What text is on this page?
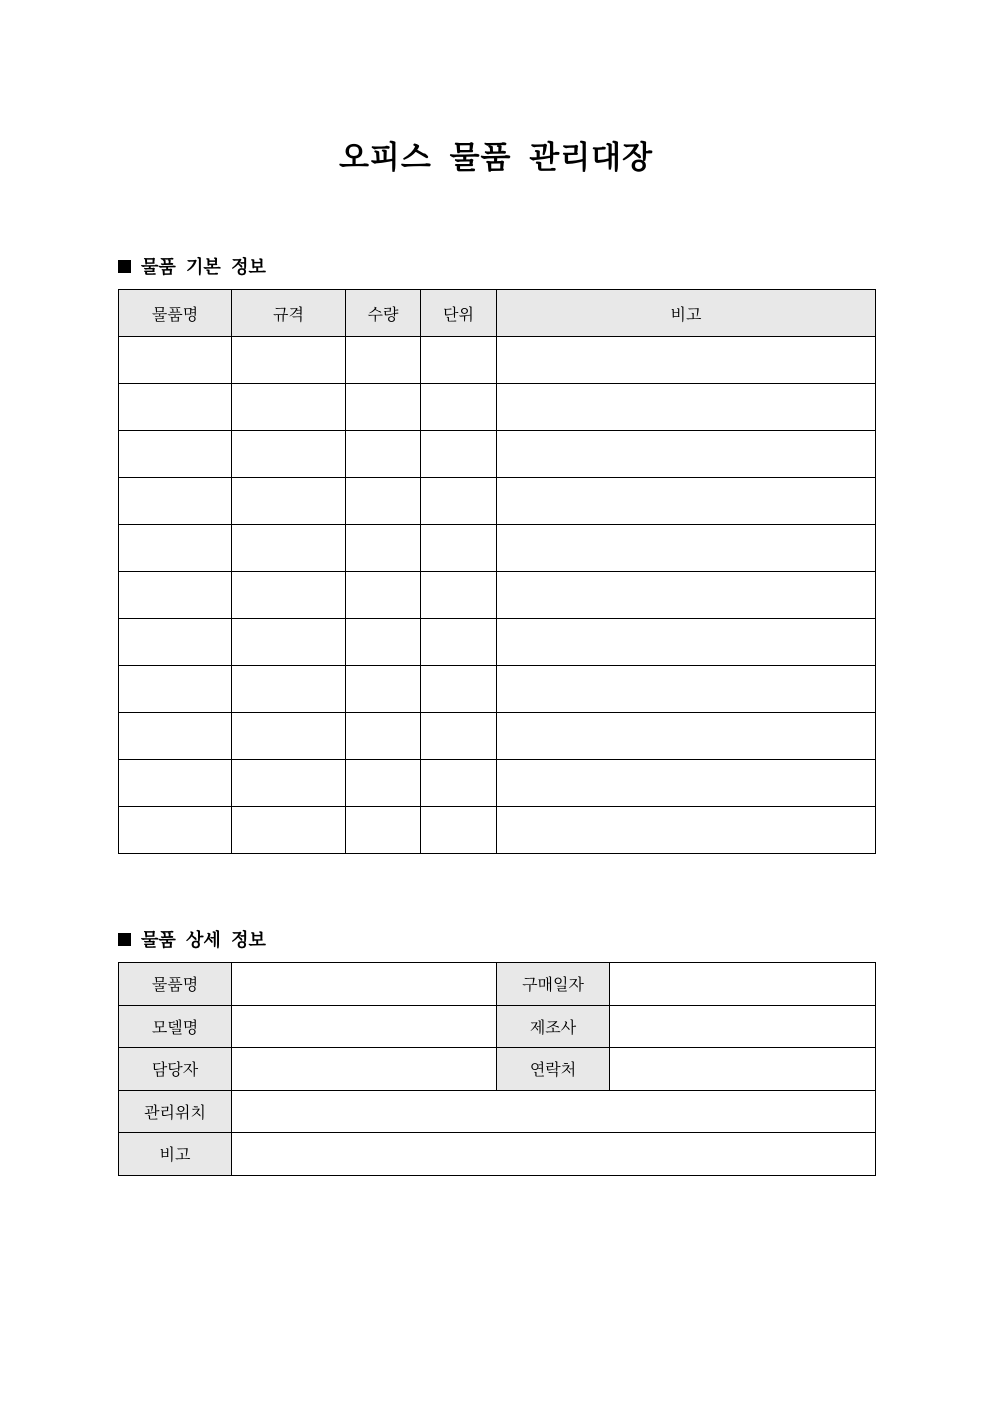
오피스 물품 관리대장
물품 기본 정보
물품명	규격	수량	단위	비고

물품 상세 정보
물품명		구매일자	
모델명		제조사	
담당자		연락처	
관리위치			
비고			
